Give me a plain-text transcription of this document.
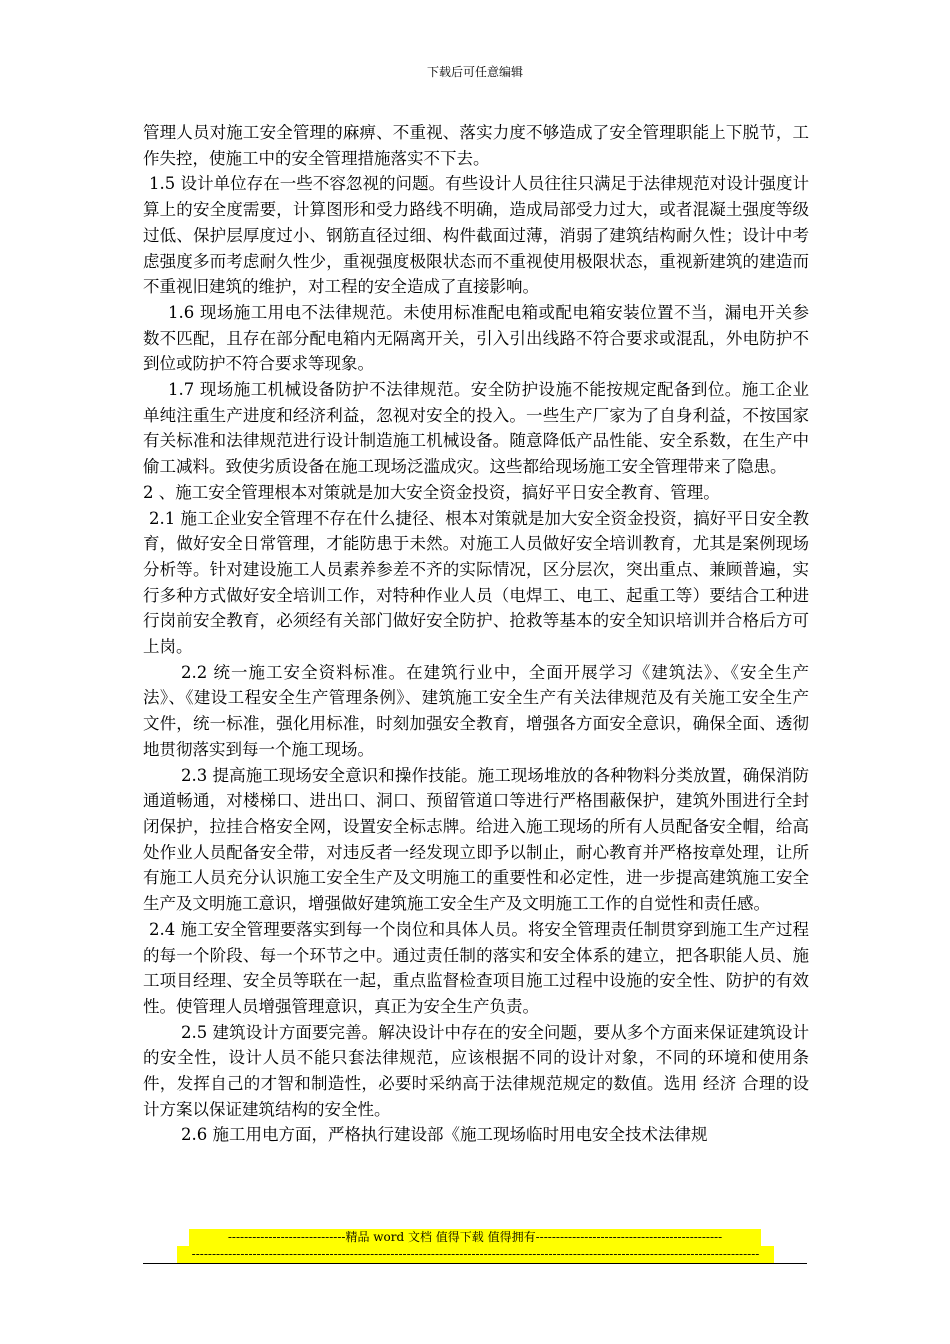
下载后可任意编辑

管理人员对施工安全管理的麻痹、不重视、落实力度不够造成了安全管理职能上下脱节，工作失控，使施工中的安全管理措施落实不下去。

1.5 设计单位存在一些不容忽视的问题。有些设计人员往往只满足于法律规范对设计强度计算上的安全度需要，计算图形和受力路线不明确，造成局部受力过大，或者混凝土强度等级过低、保护层厚度过小、钢筋直径过细、构件截面过薄，消弱了建筑结构耐久性；设计中考虑强度多而考虑耐久性少，重视强度极限状态而不重视使用极限状态，重视新建筑的建造而不重视旧建筑的维护，对工程的安全造成了直接影响。

1.6 现场施工用电不法律规范。未使用标准配电箱或配电箱安装位置不当，漏电开关参数不匹配，且存在部分配电箱内无隔离开关，引入引出线路不符合要求或混乱，外电防护不到位或防护不符合要求等现象。

1.7 现场施工机械设备防护不法律规范。安全防护设施不能按规定配备到位。施工企业单纯注重生产进度和经济利益，忽视对安全的投入。一些生产厂家为了自身利益，不按国家有关标准和法律规范进行设计制造施工机械设备。随意降低产品性能、安全系数，在生产中偷工减料。致使劣质设备在施工现场泛滥成灾。这些都给现场施工安全管理带来了隐患。

2 、施工安全管理根本对策就是加大安全资金投资，搞好平日安全教育、管理。

2.1 施工企业安全管理不存在什么捷径、根本对策就是加大安全资金投资，搞好平日安全教育，做好安全日常管理，才能防患于未然。对施工人员做好安全培训教育，尤其是案例现场分析等。针对建设施工人员素养参差不齐的实际情况，区分层次，突出重点、兼顾普遍，实行多种方式做好安全培训工作，对特种作业人员（电焊工、电工、起重工等）要结合工种进行岗前安全教育，必须经有关部门做好安全防护、抢救等基本的安全知识培训并合格后方可上岗。

2.2 统一施工安全资料标准。在建筑行业中，全面开展学习《建筑法》、《安全生产法》、《建设工程安全生产管理条例》、建筑施工安全生产有关法律规范及有关施工安全生产文件，统一标准，强化用标准，时刻加强安全教育，增强各方面安全意识，确保全面、透彻地贯彻落实到每一个施工现场。

2.3 提高施工现场安全意识和操作技能。施工现场堆放的各种物料分类放置，确保消防 通道畅通，对楼梯口、进出口、洞口、预留管道口等进行严格围蔽保护，建筑外围进行全封闭保护，拉挂合格安全网，设置安全标志牌。给进入施工现场的所有人员配备安全帽，给高处作业人员配备安全带，对违反者一经发现立即予以制止，耐心教育并严格按章处理，让所有施工人员充分认识施工安全生产及文明施工的重要性和必定性，进一步提高建筑施工安全生产及文明施工意识，增强做好建筑施工安全生产及文明施工工作的自觉性和责任感。

2.4 施工安全管理要落实到每一个岗位和具体人员。将安全管理责任制贯穿到施工生产过程的每一个阶段、每一个环节之中。通过责任制的落实和安全体系的建立，把各职能人员、施工项目经理、安全员等联在一起，重点监督检查项目施工过程中设施的安全性、防护的有效性。使管理人员增强管理意识，真正为安全生产负责。

2.5 建筑设计方面要完善。解决设计中存在的安全问题，要从多个方面来保证建筑设计的安全性，设计人员不能只套法律规范，应该根据不同的设计对象，不同的环境和使用条件，发挥自己的才智和制造性，必要时采纳高于法律规范规定的数值。选用 经济 合理的设计方案以保证建筑结构的安全性。

2.6 施工用电方面，严格执行建设部《施工现场临时用电安全技术法律规

-----------------------------精品 word 文档 值得下载 值得拥有----------------------------------------------
--------------------------------------------------------------------------------------------------------------------------------------------
